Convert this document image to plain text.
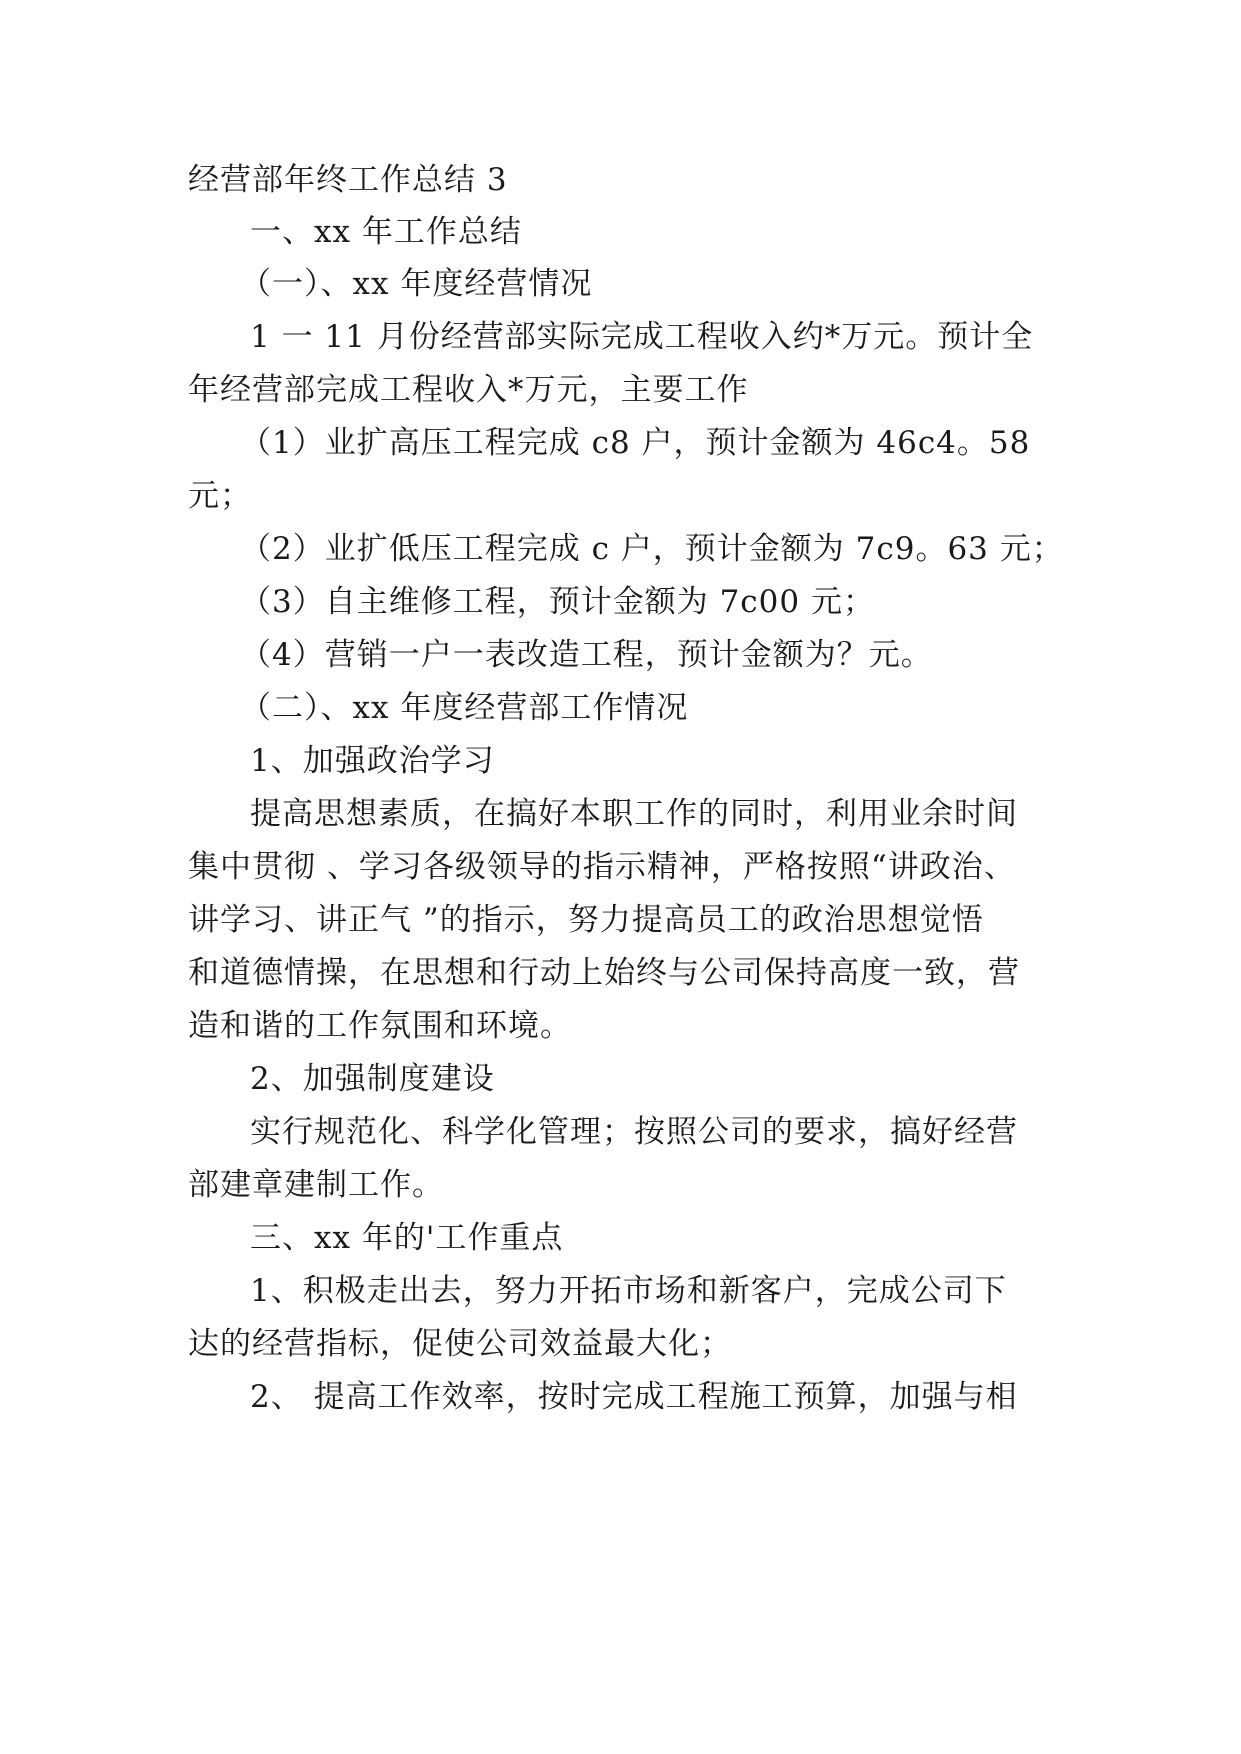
经营部年终工作总结 3
一、xx 年工作总结
（一）、xx 年度经营情况
1 一 11 月份经营部实际完成工程收入约*万元。预计全
年经营部完成工程收入*万元，主要工作
（1）业扩高压工程完成 c8 户，预计金额为 46c4。58
元；
（2）业扩低压工程完成 c 户，预计金额为 7c9。63 元；
（3）自主维修工程，预计金额为 7c00 元；
（4）营销一户一表改造工程，预计金额为？元。
（二）、xx 年度经营部工作情况
1、加强政治学习
提高思想素质，在搞好本职工作的同时，利用业余时间
集中贯彻 、学习各级领导的指示精神，严格按照“讲政治、
讲学习、讲正气 ”的指示，努力提高员工的政治思想觉悟
和道德情操，在思想和行动上始终与公司保持高度一致，营
造和谐的工作氛围和环境。
2、加强制度建设
实行规范化、科学化管理；按照公司的要求，搞好经营
部建章建制工作。
三、xx 年的'工作重点
1、积极走出去，努力开拓市场和新客户，完成公司下
达的经营指标，促使公司效益最大化；
2、 提高工作效率，按时完成工程施工预算，加强与相
